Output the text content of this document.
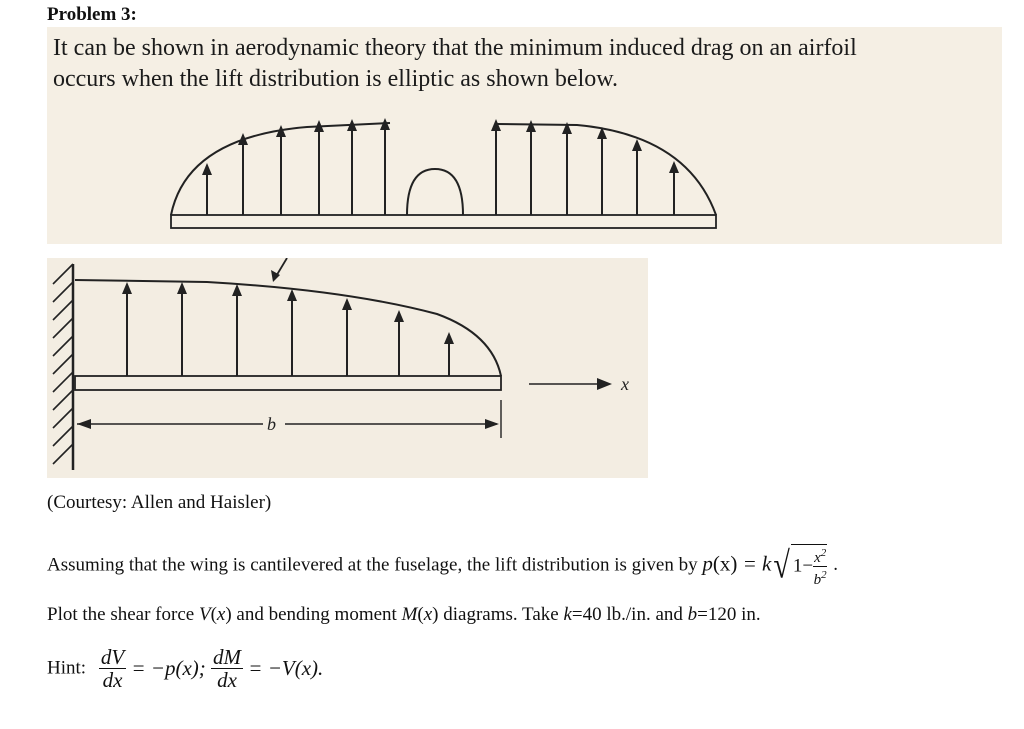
Problem 3:
It can be shown in aerodynamic theory that the minimum induced drag on an airfoil
occurs when the lift distribution is elliptic as shown below.
b
x
(Courtesy: Allen and Haisler)
Assuming that the wing is cantilevered at the fuselage, the lift distribution is given by p(x) = k√ $1- \frac{x^2}{b^2}$ .
Plot the shear force V(x) and bending moment M(x) diagrams. Take k=40 lb./in. and b=120 in.
Hint: $\frac{dV}{dx} = -p(x)$; $\frac{dM}{dx} = -V(x)$.
